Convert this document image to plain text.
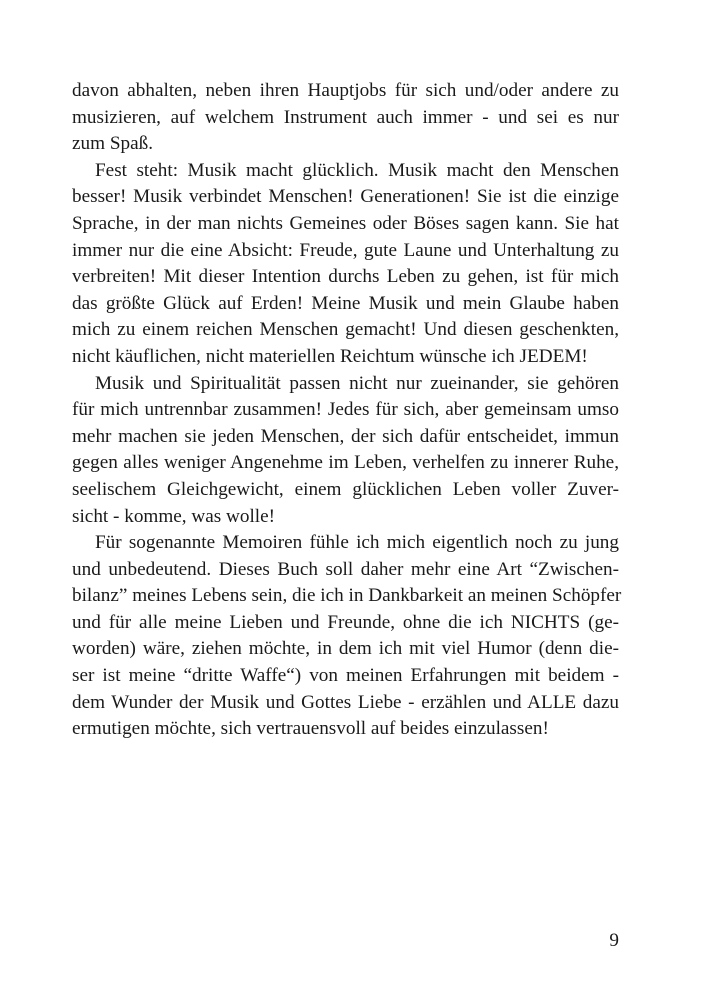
davon abhalten, neben ihren Hauptjobs für sich und/oder andere zu
musizieren, auf welchem Instrument auch immer - und sei es nur
zum Spaß.
Fest steht: Musik macht glücklich. Musik macht den Menschen
besser! Musik verbindet Menschen! Generationen! Sie ist die einzige
Sprache, in der man nichts Gemeines oder Böses sagen kann. Sie hat
immer nur die eine Absicht: Freude, gute Laune und Unterhaltung zu
verbreiten! Mit dieser Intention durchs Leben zu gehen, ist für mich
das größte Glück auf Erden! Meine Musik und mein Glaube haben
mich zu einem reichen Menschen gemacht! Und diesen geschenkten,
nicht käuflichen, nicht materiellen Reichtum wünsche ich JEDEM!
Musik und Spiritualität passen nicht nur zueinander, sie gehören
für mich untrennbar zusammen! Jedes für sich, aber gemeinsam umso
mehr machen sie jeden Menschen, der sich dafür entscheidet, immun
gegen alles weniger Angenehme im Leben, verhelfen zu innerer Ruhe,
seelischem Gleichgewicht, einem glücklichen Leben voller Zuver-
sicht - komme, was wolle!
Für sogenannte Memoiren fühle ich mich eigentlich noch zu jung
und unbedeutend. Dieses Buch soll daher mehr eine Art “Zwischen-
bilanz” meines Lebens sein, die ich in Dankbarkeit an meinen Schöpfer
und für alle meine Lieben und Freunde, ohne die ich NICHTS (ge-
worden) wäre, ziehen möchte, in dem ich mit viel Humor (denn die-
ser ist meine “dritte Waffe“) von meinen Erfahrungen mit beidem -
dem Wunder der Musik und Gottes Liebe - erzählen und ALLE dazu
ermutigen möchte, sich vertrauensvoll auf beides einzulassen!
9
